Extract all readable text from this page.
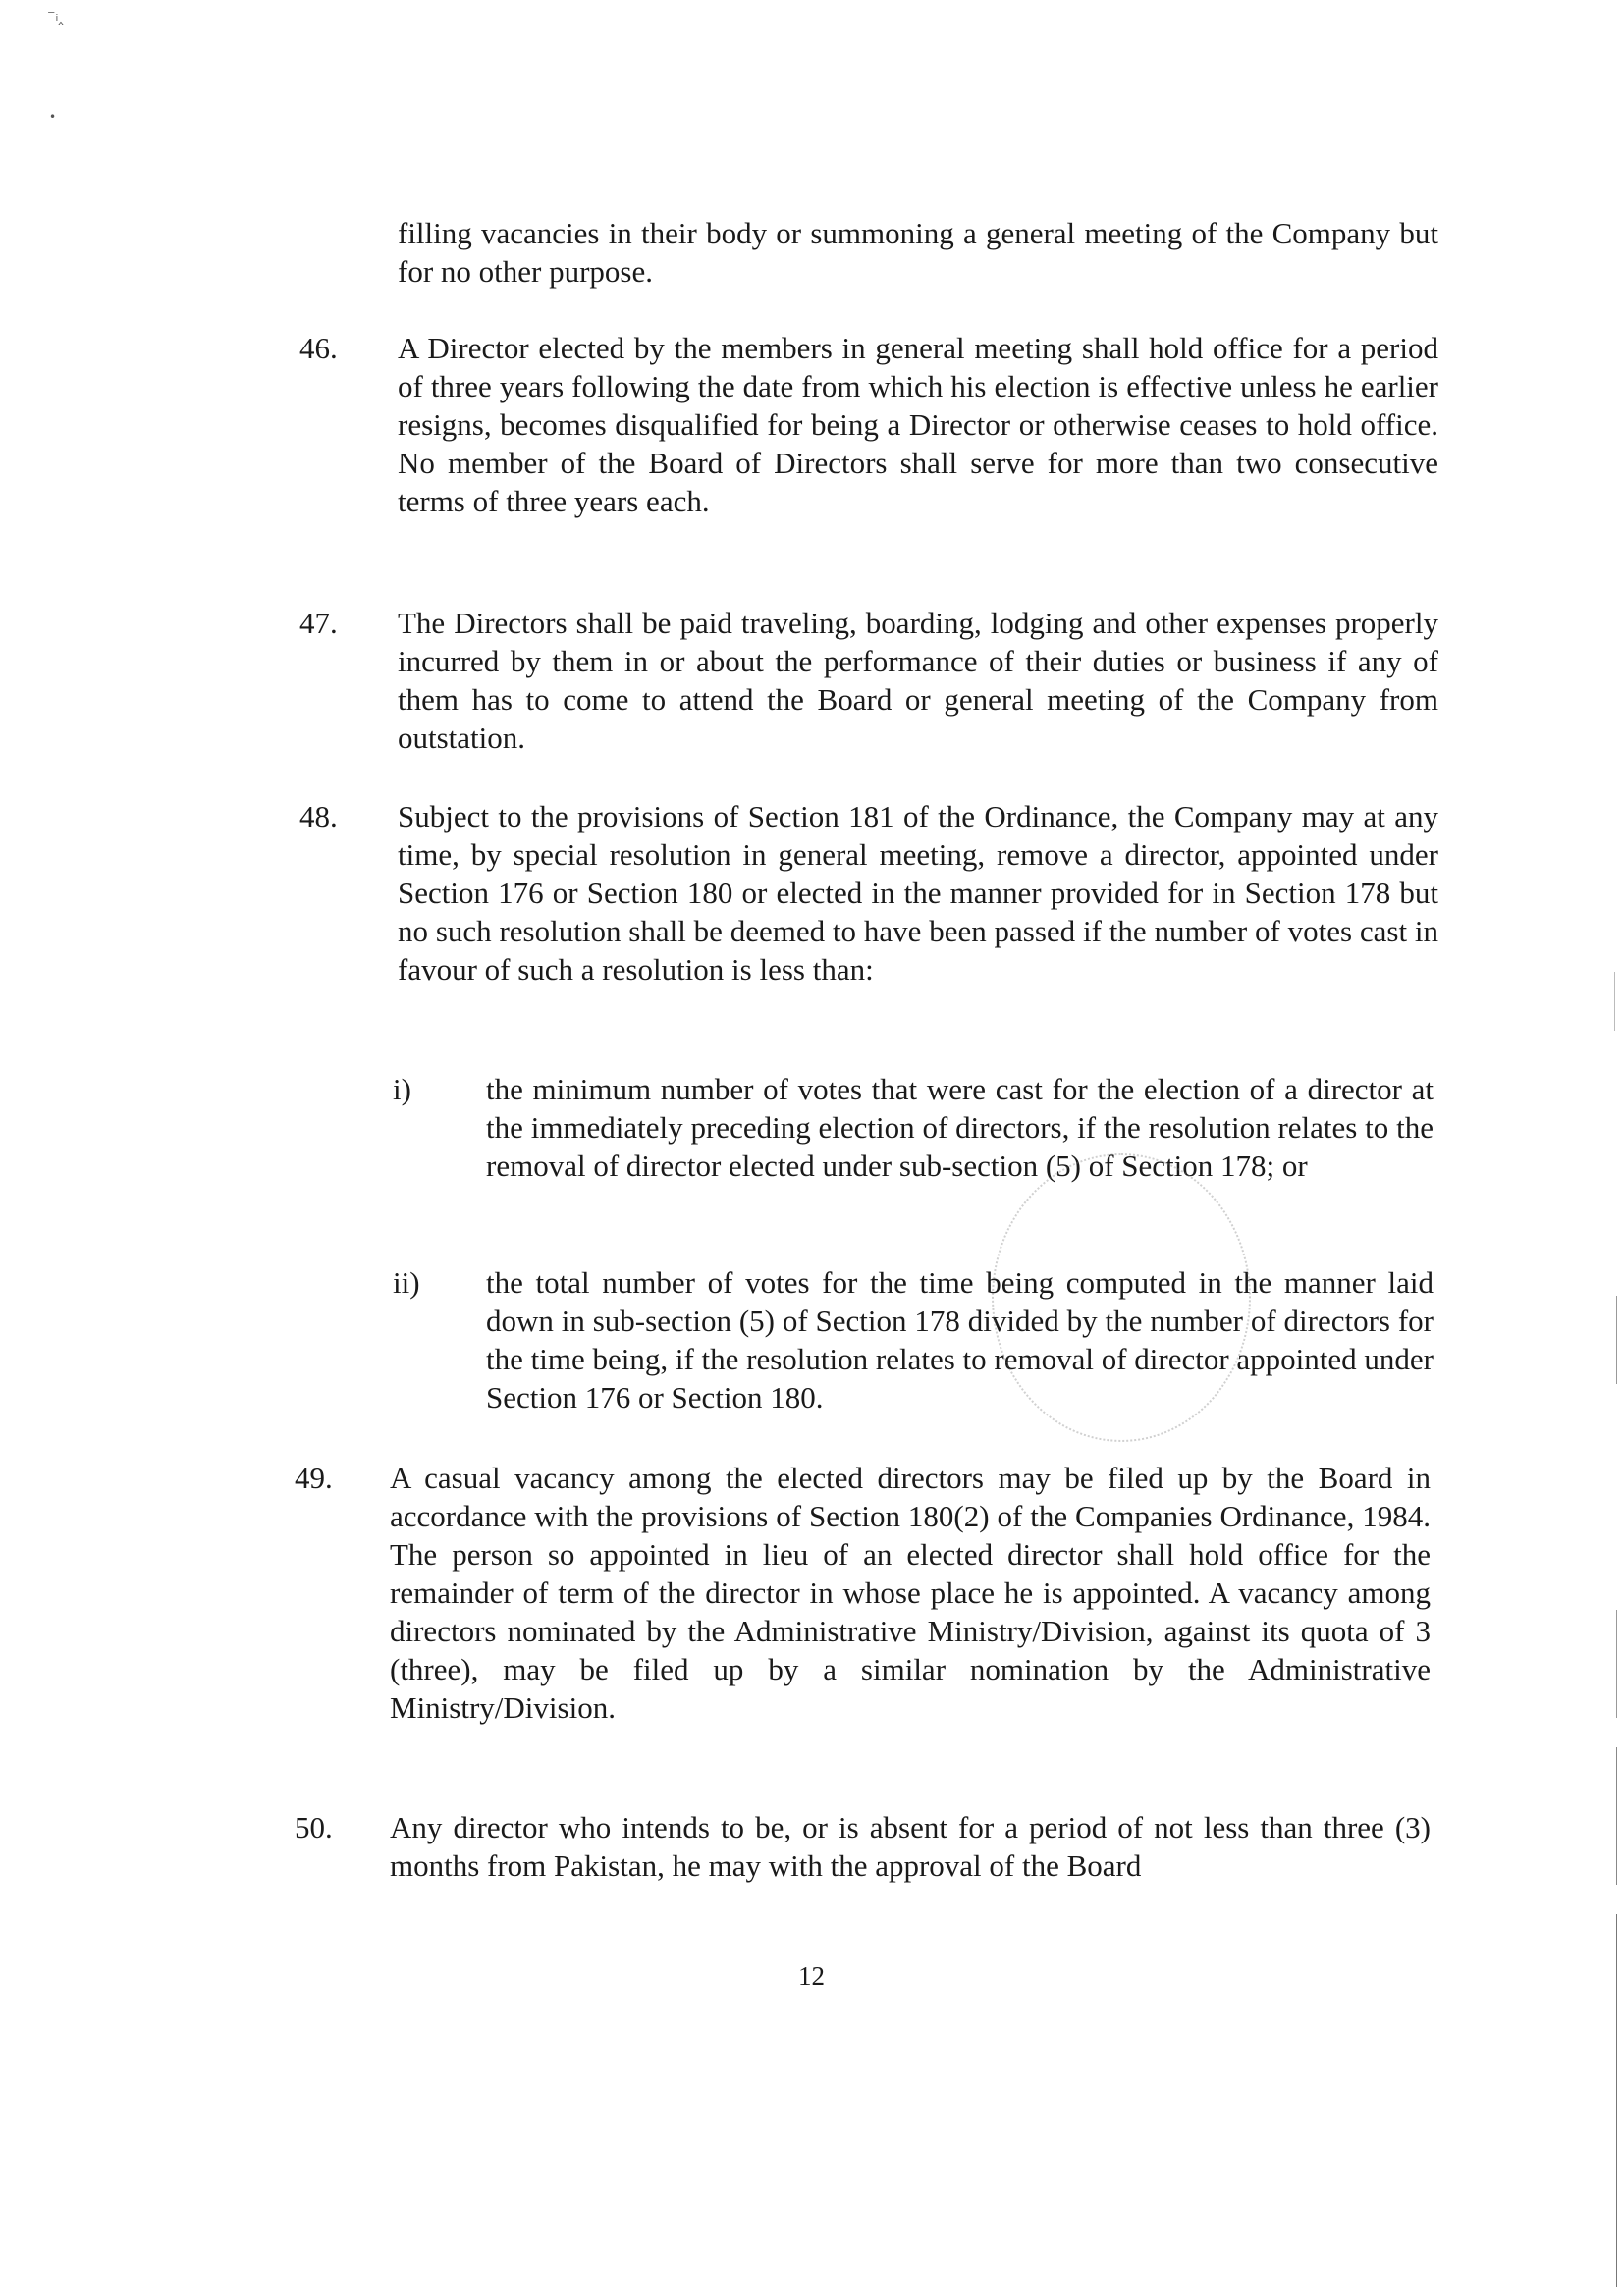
⁻ᵢ‸
•
filling vacancies in their body or summoning a general meeting of the Company but for no other purpose.
46. A Director elected by the members in general meeting shall hold office for a period of three years following the date from which his election is effective unless he earlier resigns, becomes disqualified for being a Director or otherwise ceases to hold office. No member of the Board of Directors shall serve for more than two consecutive terms of three years each.
47. The Directors shall be paid traveling, boarding, lodging and other expenses properly incurred by them in or about the performance of their duties or business if any of them has to come to attend the Board or general meeting of the Company from outstation.
48. Subject to the provisions of Section 181 of the Ordinance, the Company may at any time, by special resolution in general meeting, remove a director, appointed under Section 176 or Section 180 or elected in the manner provided for in Section 178 but no such resolution shall be deemed to have been passed if the number of votes cast in favour of such a resolution is less than:
i) the minimum number of votes that were cast for the election of a director at the immediately preceding election of directors, if the resolution relates to the removal of director elected under sub-section (5) of Section 178; or
ii) the total number of votes for the time being computed in the manner laid down in sub-section (5) of Section 178 divided by the number of directors for the time being, if the resolution relates to removal of director appointed under Section 176 or Section 180.
49. A casual vacancy among the elected directors may be filed up by the Board in accordance with the provisions of Section 180(2) of the Companies Ordinance, 1984. The person so appointed in lieu of an elected director shall hold office for the remainder of term of the director in whose place he is appointed. A vacancy among directors nominated by the Administrative Ministry/Division, against its quota of 3 (three), may be filed up by a similar nomination by the Administrative Ministry/Division.
50. Any director who intends to be, or is absent for a period of not less than three (3) months from Pakistan, he may with the approval of the Board
12
